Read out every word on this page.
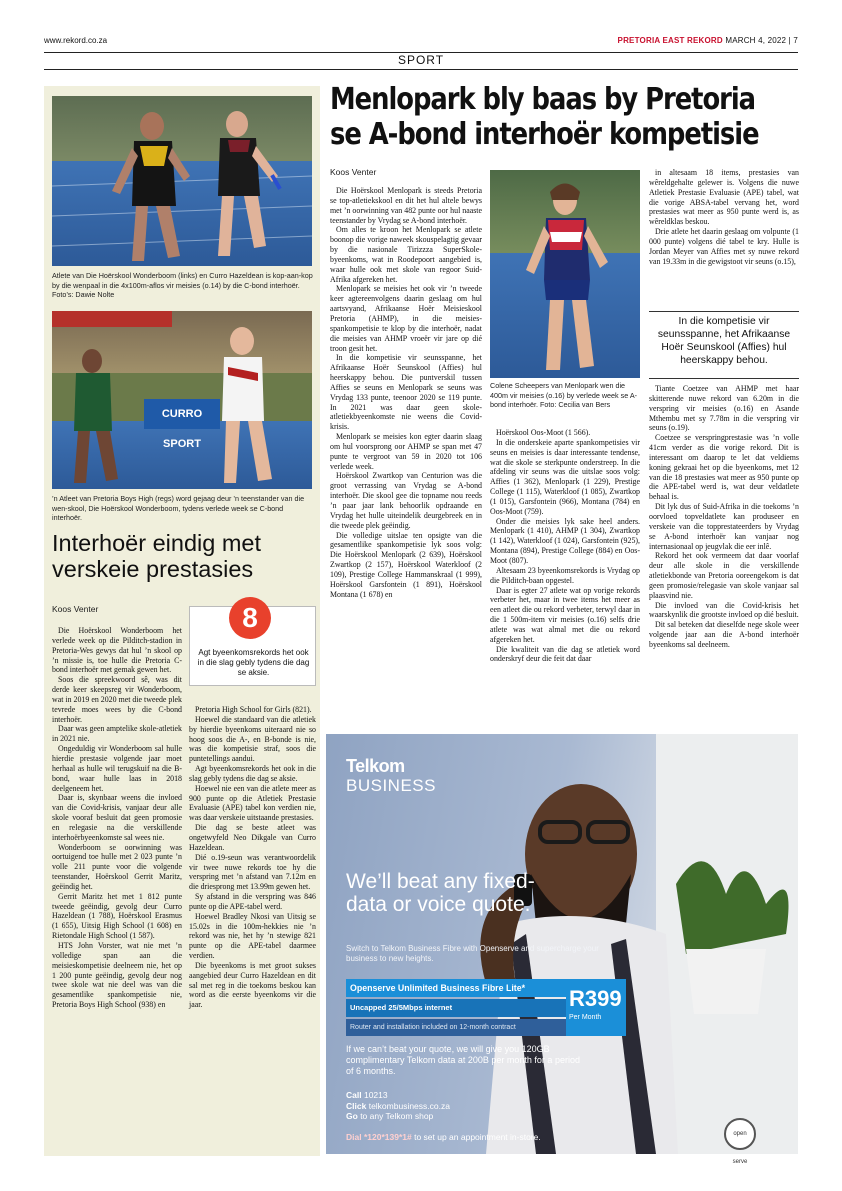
www.rekord.co.za	PRETORIA EAST REKORD MARCH 4, 2022 | 7
SPORT
Atlete van Die Hoërskool Wonderboom (links) en Curro Hazeldean is kop-aan-kop by die wenpaal in die 4x100m-aflos vir meisies (o.14) by die C-bond interhoër. Foto’s: Dawie Nolte
CURRO SPORT
’n Atleet van Pretoria Boys High (regs) word gejaag deur ’n teenstander van die wen-skool, Die Hoërskool Wonderboom, tydens verlede week se C-bond interhoër.
Interhoër eindig met verskeie prestasies
Koos Venter

Die Hoërskool Wonderboom het verlede week op die Pilditch-stadion in Pretoria-Wes gewys dat hul ’n skool op ’n missie is, toe hulle die Pretoria C-bond interhoër met gemak gewen het.

Soos die spreekwoord sê, was dit derde keer skeepsreg vir Wonderboom, wat in 2019 en 2020 met die tweede plek tevrede moes wees by die C-bond interhoër.

Daar was geen amptelike skole-atletiek in 2021 nie.

Ongeduldig vir Wonderboom sal hulle hierdie prestasie volgende jaar moet herhaal as hulle wil terugskuif na die B-bond, waar hulle laas in 2018 deelgeneem het.

Daar is, skynbaar weens die invloed van die Covid-krisis, vanjaar deur alle skole vooraf besluit dat geen promosie en relegasie na die verskillende interhoërbyeenkomste sal wees nie.

Wonderboom se oorwinning was oortuigend toe hulle met 2 023 punte ’n volle 211 punte voor die volgende teenstander, Hoërskool Gerrit Maritz, geëindig het.

Gerrit Maritz het met 1 812 punte tweede geëindig, gevolg deur Curro Hazeldean (1 788), Hoërskool Erasmus (1 655), Uitsig High School (1 608) en Rietondale High School (1 587).

HTS John Vorster, wat nie met ’n volledige span aan die meisieskompetisie deelneem nie, het op 1 200 punte geëindig, gevolg deur nog twee skole wat nie deel was van die gesamentlike spankompetisie nie, Pretoria Boys High School (938) en

8
Agt byeenkomsrekords het ook in die slag gebly tydens die dag se aksie.

Pretoria High School for Girls (821).

Hoewel die standaard van die atletiek by hierdie byeenkoms uiteraard nie so hoog soos die A-, en B-bonde is nie, was die kompetisie straf, soos die puntetellings aandui.

Agt byeenkomsrekords het ook in die slag gebly tydens die dag se aksie.

Hoewel nie een van die atlete meer as 900 punte op die Atletiek Prestasie Evaluasie (APE) tabel kon verdien nie, was daar verskeie uitstaande prestasies.

Die dag se beste atleet was ongetwyfeld Neo Dikgale van Curro Hazeldean.

Dié o.19-seun was verantwoordelik vir twee nuwe rekords toe hy die verspring met ’n afstand van 7.12m en die driesprong met 13.99m gewen het.

Sy afstand in die verspring was 846 punte op die APE-tabel werd.

Hoewel Bradley Nkosi van Uitsig se 15.02s in die 100m-hekkies nie ’n rekord was nie, het hy ’n stewige 821 punte op die APE-tabel daarmee verdien.

Die byeenkoms is met groot sukses aangebied deur Curro Hazeldean en dit sal met reg in die toekoms beskou kan word as die eerste byeenkoms vir die jaar.

Menlopark bly baas by Pretoria
se A-bond interhoër kompetisie
Koos Venter

Die Hoërskool Menlopark is steeds Pretoria se top-atletiekskool en dit het hul altele bewys met ’n oorwinning van 482 punte oor hul naaste teenstander by Vrydag se A-bond interhoër.

Om alles te kroon het Menlopark se atlete boonop die vorige naweek skouspelagtig gevaar by die nasionale Tirizzza SuperSkole-byeenkoms, wat in Roodepoort aangebied is, waar hulle ook met skole van regoor Suid-Afrika afgereken het.

Menlopark se meisies het ook vir ’n tweede keer agtereenvolgens daarin geslaag om hul aartsvyand, Afrikaanse Hoër Meisieskool Pretoria (AHMP), in die meisies-spankompetisie te klop by die interhoër, nadat die meisies van AHMP vroeër vir jare op dié troon gesit het.

In die kompetisie vir seunsspanne, het Afrikaanse Hoër Seunskool (Affies) hul heerskappy behou. Die puntverskil tussen Affies se seuns en Menlopark se seuns was Vrydag 133 punte, teenoor 2020 se 119 punte. In 2021 was daar geen skole-atletiekbyeenkomste nie weens die Covid-krisis.

Menlopark se meisies kon egter daarin slaag om hul voorsprong oor AHMP se span met 47 punte te vergroot van 59 in 2020 tot 106 verlede week.

Hoërskool Zwartkop van Centurion was die groot verrassing van Vrydag se A-bond interhoër. Die skool gee die topname nou reeds ’n paar jaar lank behoorlik opdraande en Vrydag het hulle uiteindelik deurgebreek en in die tweede plek geëindig.

Die volledige uitslae ten opsigte van die gesamentlike spankompetisie lyk soos volg: Die Hoërskool Menlopark (2 639), Hoërskool Zwartkop (2 157), Hoërskool Waterkloof (2 109), Prestige College Hammanskraal (1 999), Hoërskool Garsfontein (1 891), Hoërskool Montana (1 678) en

Colene Scheepers van Menlopark wen die 400m vir meisies (o.16) by verlede week se A-bond interhoër. Foto: Cecilia van Bers

Hoërskool Oos-Moot (1 566).

In die onderskeie aparte spankompetisies vir seuns en meisies is daar interessante tendense, wat die skole se sterkpunte onderstreep. In die afdeling vir seuns was die uitslae soos volg: Affies (1 362), Menlopark (1 229), Prestige College (1 115), Waterkloof (1 085), Zwartkop (1 015), Garsfontein (966), Montana (784) en Oos-Moot (759).

Onder die meisies lyk sake heel anders. Menlopark (1 410), AHMP (1 304), Zwartkop (1 142), Waterkloof (1 024), Garsfontein (925), Montana (894), Prestige College (884) en Oos-Moot (807).

Altesaam 23 byeenkomsrekords is Vrydag op die Pilditch-baan opgestel.

Daar is egter 27 atlete wat op vorige rekords verbeter het, maar in twee items het meer as een atleet die ou rekord verbeter, terwyl daar in die 1 500m-item vir meisies (o.16) selfs drie atlete was wat almal met die ou rekord afgereken het.

Die kwaliteit van die dag se atletiek word onderskryf deur die feit dat daar

in altesaam 18 items, prestasies van wêreldgehalte gelewer is. Volgens die nuwe Atletiek Prestasie Evaluasie (APE) tabel, wat die vorige ABSA-tabel vervang het, word prestasies wat meer as 950 punte werd is, as wêreldklas beskou.

Drie atlete het daarin geslaag om volpunte (1 000 punte) volgens dié tabel te kry. Hulle is Jordan Meyer van Affies met sy nuwe rekord van 19.33m in die gewigstoot vir seuns (o.15),

In die kompetisie vir seunsspanne, het Afrikaanse Hoër Seunskool (Affies) hul heerskappy behou.

Tiante Coetzee van AHMP met haar skitterende nuwe rekord van 6.20m in die verspring vir meisies (o.16) en Asande Mthembu met sy 7.78m in die verspring vir seuns (o.19).

Coetzee se verspringprestasie was ’n volle 41cm verder as die vorige rekord. Dit is interessant om daarop te let dat veldiems koning gekraai het op die byeenkoms, met 12 van die 18 prestasies wat meer as 950 punte op die APE-tabel werd is, wat deur veldatlete behaal is.

Dit lyk dus of Suid-Afrika in die toekoms ’n oorvloed topveldatlete kan produseer en verskeie van die topprestateerders by Vrydag se A-bond interhoër kan vanjaar nog internasionaal op jeugvlak die eer inlê.

Rekord het ook vermeem dat daar voorlaf deur alle skole in die verskillende atletiekbonde van Pretoria ooreengekom is dat geen promosie/relegasie van skole vanjaar sal plaasvind nie.

Die invloed van die Covid-krisis het waarskynlik die grootste invloed op dié besluit.

Dit sal beteken dat dieselfde nege skole weer volgende jaar aan die A-bond interhoër byeenkoms sal deelneem.

Telkom
BUSINESS
We’ll beat any fixed-data or voice quote.
Switch to Telkom Business Fibre with Openserve and supercharge your business to new heights.
Openserve Unlimited Business Fibre Lite*
Uncapped 25/5Mbps internet
Router and installation included on 12-month contract
R399
Per Month
If we can’t beat your quote, we will give you 120GB complimentary Telkom data at 200B per month for a period of 6 months.
Call 10213
Click telkombusiness.co.za
Go to any Telkom shop
Dial *120*139*1# to set up an appointment in-store.	open serve
